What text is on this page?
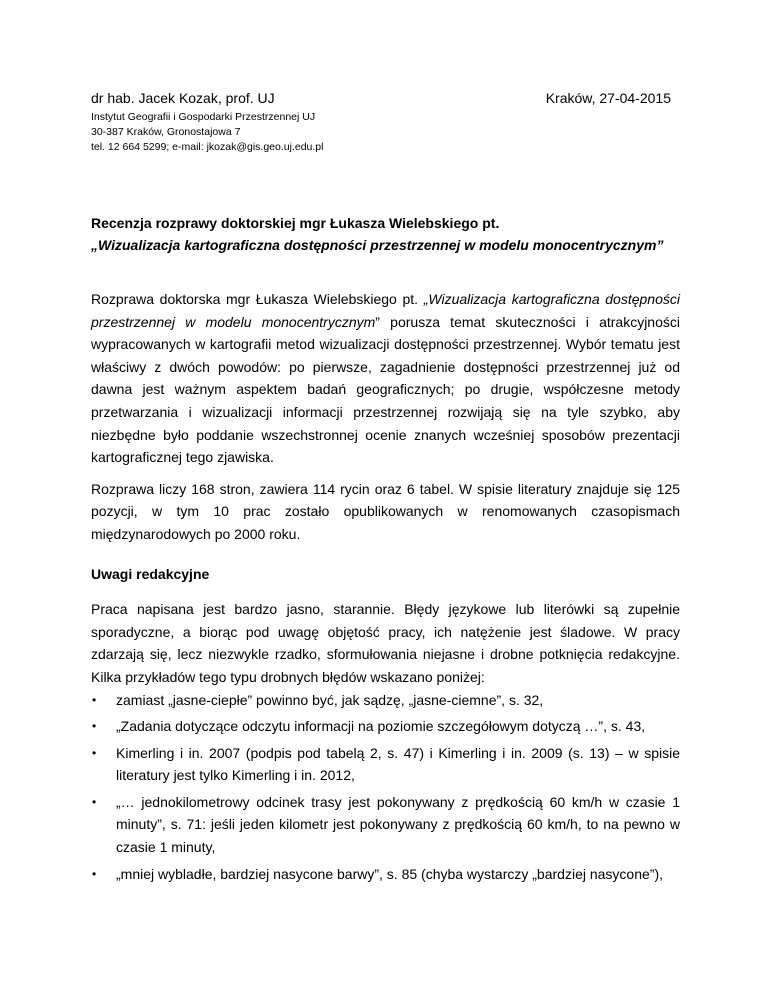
dr hab. Jacek Kozak, prof. UJ	Kraków, 27-04-2015
Instytut Geografii i Gospodarki Przestrzennej UJ
30-387 Kraków, Gronostajowa 7
tel. 12 664 5299; e-mail: jkozak@gis.geo.uj.edu.pl
Recenzja rozprawy doktorskiej mgr Łukasza Wielebskiego pt.
„Wizualizacja kartograficzna dostępności przestrzennej w modelu monocentrycznym”

Rozprawa doktorska mgr Łukasza Wielebskiego pt. „Wizualizacja kartograficzna dostępności przestrzennej w modelu monocentrycznym” porusza temat skuteczności i atrakcyjności wypracowanych w kartografii metod wizualizacji dostępności przestrzennej. Wybór tematu jest właściwy z dwóch powodów: po pierwsze, zagadnienie dostępności przestrzennej już od dawna jest ważnym aspektem badań geograficznych; po drugie, współczesne metody przetwarzania i wizualizacji informacji przestrzennej rozwijają się na tyle szybko, aby niezbędne było poddanie wszechstronnej ocenie znanych wcześniej sposobów prezentacji kartograficznej tego zjawiska.

Rozprawa liczy 168 stron, zawiera 114 rycin oraz 6 tabel. W spisie literatury znajduje się 125 pozycji, w tym 10 prac zostało opublikowanych w renomowanych czasopismach międzynarodowych po 2000 roku.

Uwagi redakcyjne

Praca napisana jest bardzo jasno, starannie. Błędy językowe lub literówki są zupełnie sporadyczne, a biorąc pod uwagę objętość pracy, ich natężenie jest śladowe. W pracy zdarzają się, lecz niezwykle rzadko, sformułowania niejasne i drobne potknięcia redakcyjne. Kilka przykładów tego typu drobnych błędów wskazano poniżej:

• zamiast „jasne-ciepłe” powinno być, jak sądzę, „jasne-ciemne”, s. 32,
• „Zadania dotyczące odczytu informacji na poziomie szczegółowym dotyczą …”, s. 43,
• Kimerling i in. 2007 (podpis pod tabelą 2, s. 47) i Kimerling i in. 2009 (s. 13) – w spisie literatury jest tylko Kimerling i in. 2012,
• „… jednokilometrowy odcinek trasy jest pokonywany z prędkością 60 km/h w czasie 1 minuty”, s. 71: jeśli jeden kilometr jest pokonywany z prędkością 60 km/h, to na pewno w czasie 1 minuty,
• „mniej wybladłe, bardziej nasycone barwy”, s. 85 (chyba wystarczy „bardziej nasycone”),
